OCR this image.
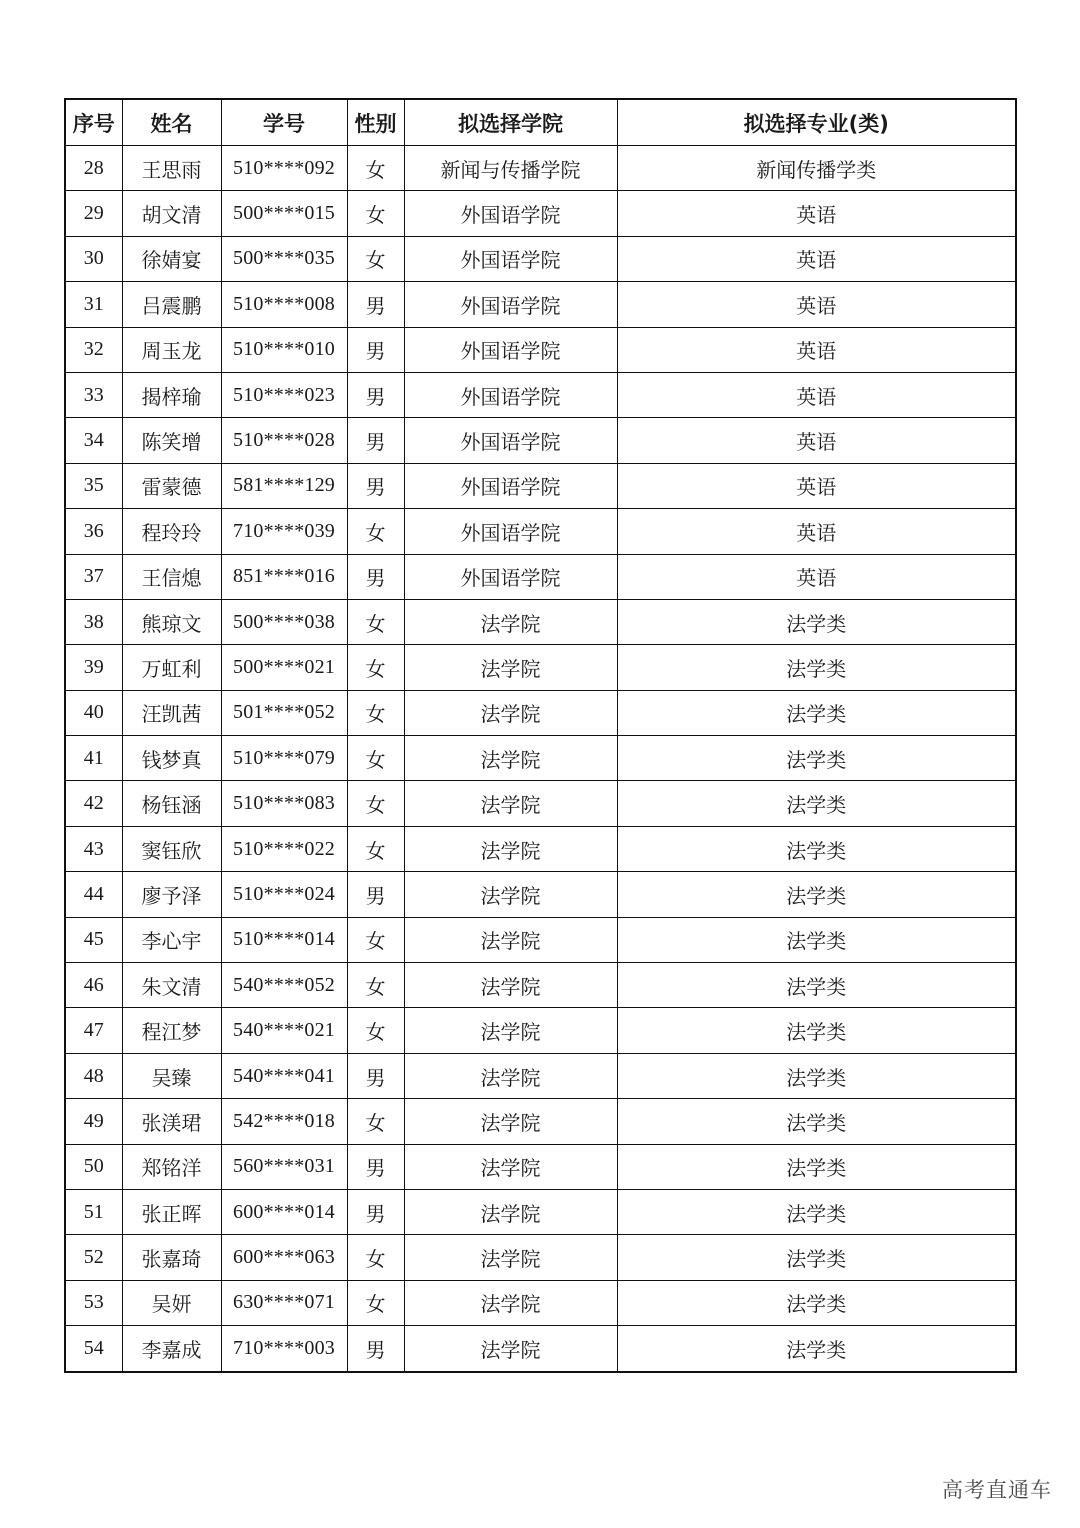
序号	姓名	学号	性别	拟选择学院	拟选择专业(类)
28	王思雨	510****092	女	新闻与传播学院	新闻传播学类
29	胡文清	500****015	女	外国语学院	英语
30	徐婧宴	500****035	女	外国语学院	英语
31	吕震鹏	510****008	男	外国语学院	英语
32	周玉龙	510****010	男	外国语学院	英语
33	揭梓瑜	510****023	男	外国语学院	英语
34	陈笑增	510****028	男	外国语学院	英语
35	雷蒙德	581****129	男	外国语学院	英语
36	程玲玲	710****039	女	外国语学院	英语
37	王信熄	851****016	男	外国语学院	英语
38	熊琼文	500****038	女	法学院	法学类
39	万虹利	500****021	女	法学院	法学类
40	汪凯茜	501****052	女	法学院	法学类
41	钱梦真	510****079	女	法学院	法学类
42	杨钰涵	510****083	女	法学院	法学类
43	窦钰欣	510****022	女	法学院	法学类
44	廖予泽	510****024	男	法学院	法学类
45	李心宇	510****014	女	法学院	法学类
46	朱文清	540****052	女	法学院	法学类
47	程江梦	540****021	女	法学院	法学类
48	吴臻	540****041	男	法学院	法学类
49	张渼珺	542****018	女	法学院	法学类
50	郑铭洋	560****031	男	法学院	法学类
51	张正晖	600****014	男	法学院	法学类
52	张嘉琦	600****063	女	法学院	法学类
53	吴妍	630****071	女	法学院	法学类
54	李嘉成	710****003	男	法学院	法学类
高考直通车
